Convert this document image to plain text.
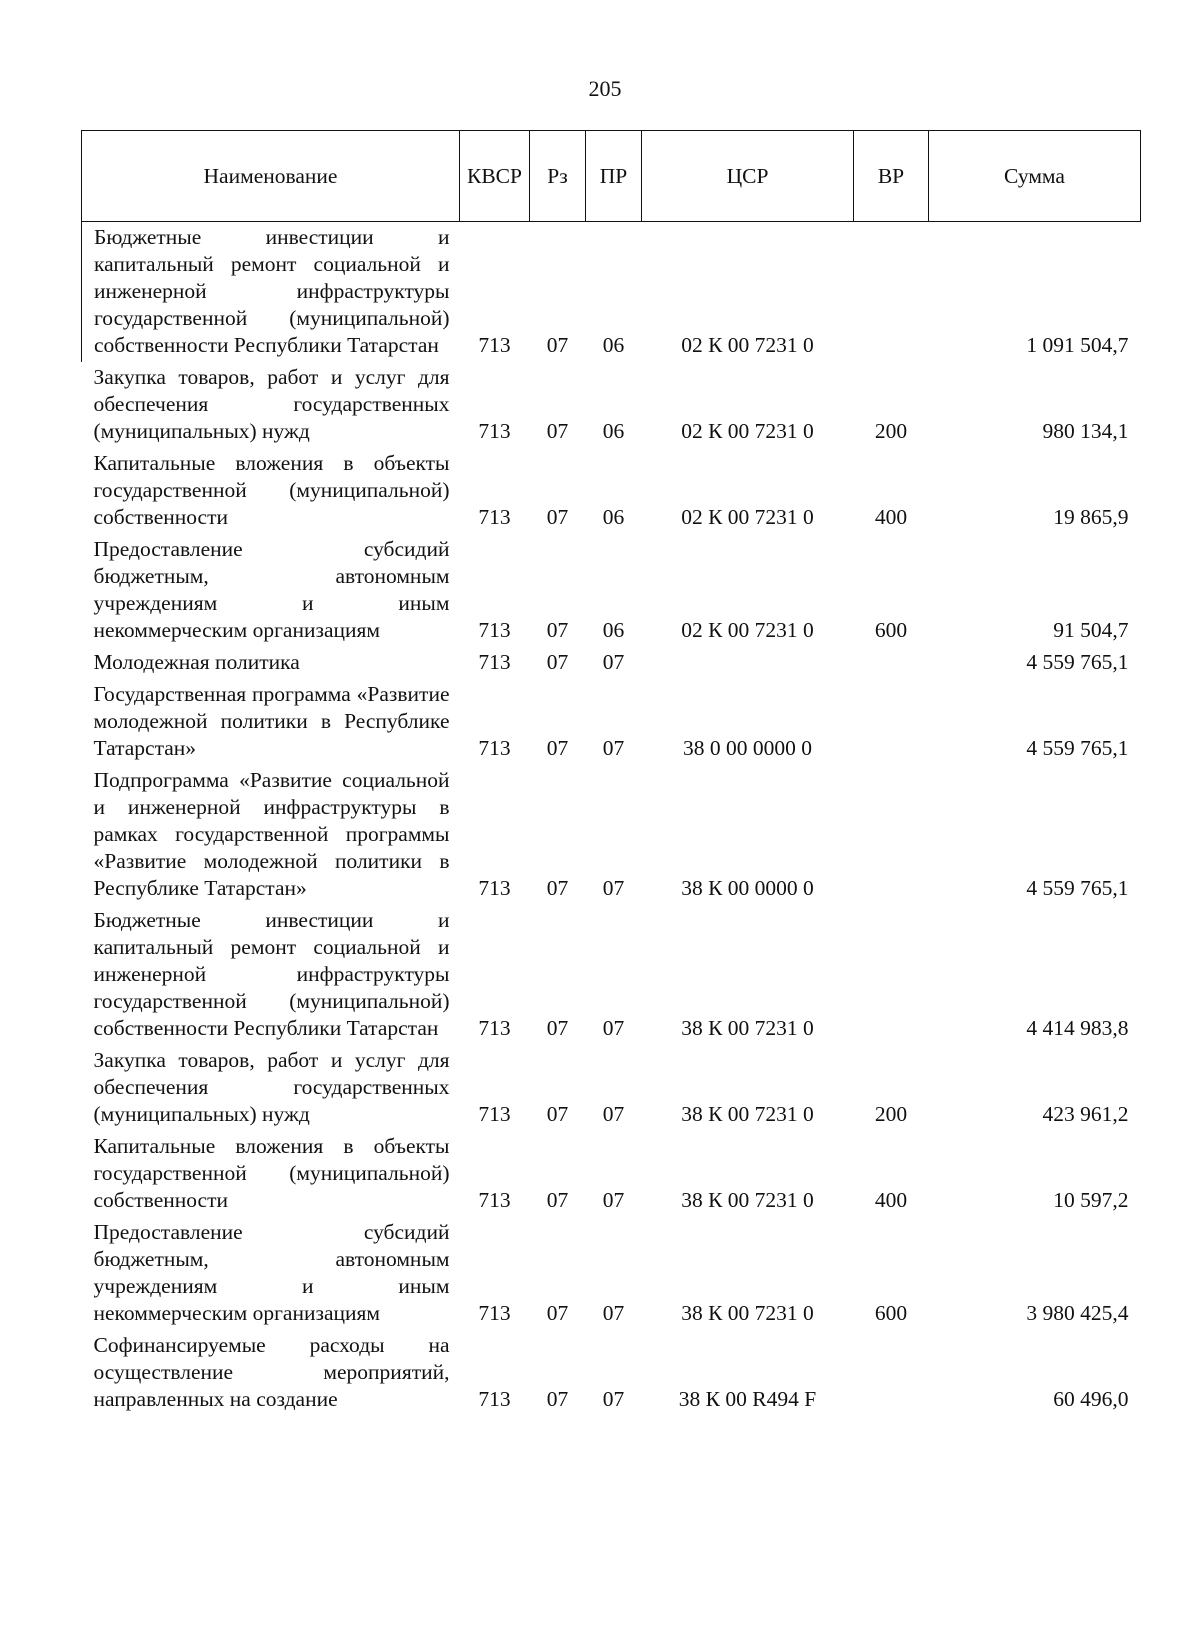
205
Наименование	КВСР	Рз	ПР	ЦСР	ВР	Сумма
Бюджетные инвестиции и капитальный ремонт социальной и инженерной инфраструктуры государственной (муниципальной) собственности Республики Татарстан	713	07	06	02 К 00 7231 0		1 091 504,7
Закупка товаров, работ и услуг для обеспечения государственных (муниципальных) нужд	713	07	06	02 К 00 7231 0	200	980 134,1
Капитальные вложения в объекты государственной (муниципальной) собственности	713	07	06	02 К 00 7231 0	400	19 865,9
Предоставление субсидий бюджетным, автономным учреждениям и иным некоммерческим организациям	713	07	06	02 К 00 7231 0	600	91 504,7
Молодежная политика	713	07	07			4 559 765,1
Государственная программа «Развитие молодежной политики в Республике Татарстан»	713	07	07	38 0 00 0000 0		4 559 765,1
Подпрограмма «Развитие социальной и инженерной инфраструктуры в рамках государственной программы «Развитие молодежной политики в Республике Татарстан»	713	07	07	38 К 00 0000 0		4 559 765,1
Бюджетные инвестиции и капитальный ремонт социальной и инженерной инфраструктуры государственной (муниципальной) собственности Республики Татарстан	713	07	07	38 К 00 7231 0		4 414 983,8
Закупка товаров, работ и услуг для обеспечения государственных (муниципальных) нужд	713	07	07	38 К 00 7231 0	200	423 961,2
Капитальные вложения в объекты государственной (муниципальной) собственности	713	07	07	38 К 00 7231 0	400	10 597,2
Предоставление субсидий бюджетным, автономным учреждениям и иным некоммерческим организациям	713	07	07	38 К 00 7231 0	600	3 980 425,4
Софинансируемые расходы на осуществление мероприятий, направленных на создание	713	07	07	38 К 00 R494 F		60 496,0
